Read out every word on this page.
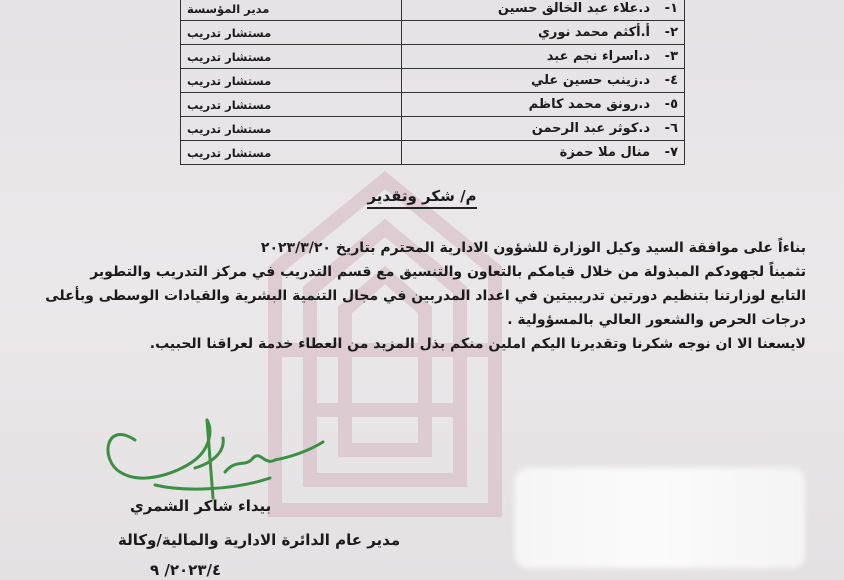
١-د.علاء عبد الخالق حسين	مدير المؤسسة
٢-أ.أكثم محمد نوري	مستشار تدريب
٣-د.اسراء نجم عبد	مستشار تدريب
٤-د.زينب حسين علي	مستشار تدريب
٥-د.رونق محمد كاظم	مستشار تدريب
٦-د.كوثر عبد الرحمن	مستشار تدريب
٧-منال ملا حمزة	مستشار تدريب
م/ شكر وتقدير

بناءاً على موافقة السيد وكيل الوزارة للشؤون الادارية المحترم بتاريخ ٢٠٢٣/٣/٢٠

تثميناً لجهودكم المبذولة من خلال قيامكم بالتعاون والتنسيق مع قسم التدريب في مركز التدريب والتطوير

التابع لوزارتنا بتنظيم دورتين تدريبيتين في اعداد المدربين في مجال التنمية البشرية والقيادات الوسطى وبأعلى

درجات الحرص والشعور العالي بالمسؤولية .

لايسعنا الا ان نوجه شكرنا وتقديرنا اليكم املين منكم بذل المزيد من العطاء خدمة لعراقنا الحبيب.

بيداء شاكر الشمري
مدير عام الدائرة الادارية والمالية/وكالة
٢٠٢٣/٤/ ٩
